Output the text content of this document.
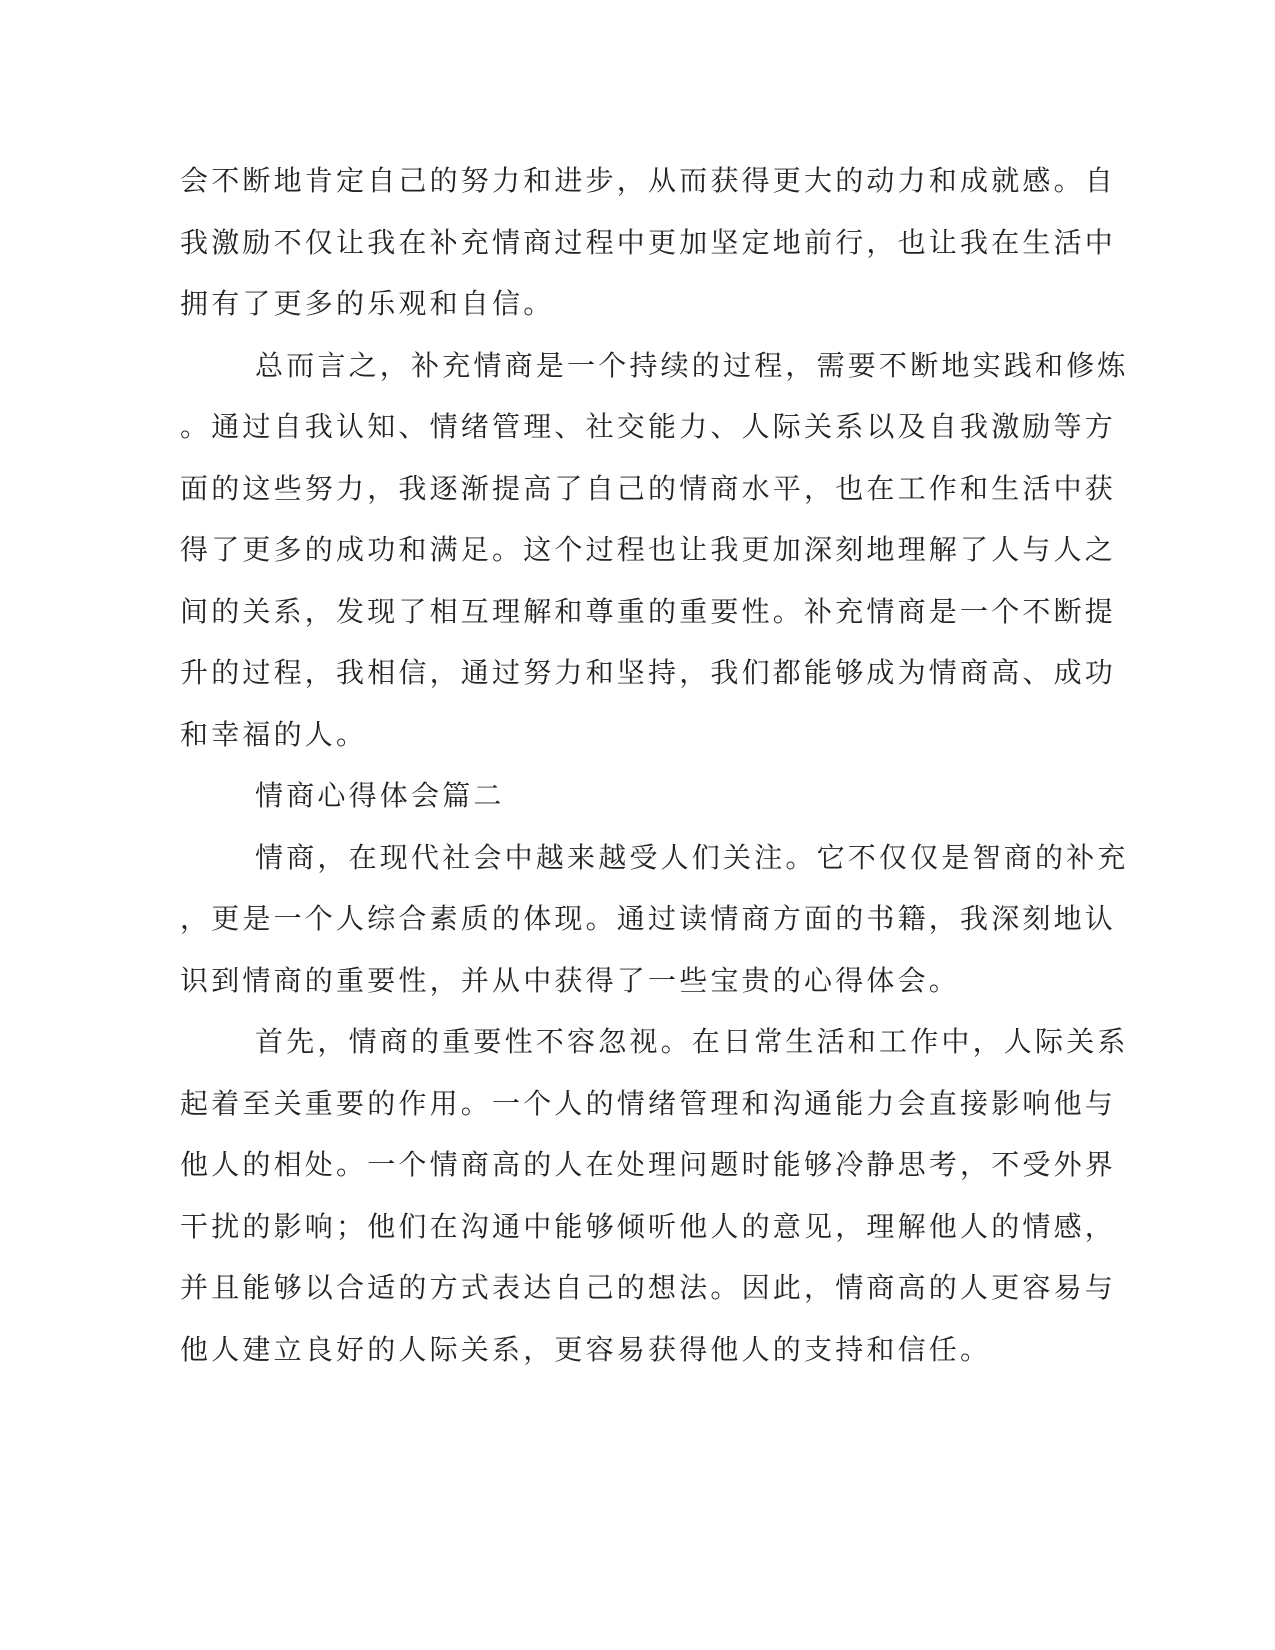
会不断地肯定自己的努力和进步，从而获得更大的动力和成就感。自
我激励不仅让我在补充情商过程中更加坚定地前行，也让我在生活中
拥有了更多的乐观和自信。
总而言之，补充情商是一个持续的过程，需要不断地实践和修炼
。通过自我认知、情绪管理、社交能力、人际关系以及自我激励等方
面的这些努力，我逐渐提高了自己的情商水平，也在工作和生活中获
得了更多的成功和满足。这个过程也让我更加深刻地理解了人与人之
间的关系，发现了相互理解和尊重的重要性。补充情商是一个不断提
升的过程，我相信，通过努力和坚持，我们都能够成为情商高、成功
和幸福的人。
情商心得体会篇二
情商，在现代社会中越来越受人们关注。它不仅仅是智商的补充
，更是一个人综合素质的体现。通过读情商方面的书籍，我深刻地认
识到情商的重要性，并从中获得了一些宝贵的心得体会。
首先，情商的重要性不容忽视。在日常生活和工作中，人际关系
起着至关重要的作用。一个人的情绪管理和沟通能力会直接影响他与
他人的相处。一个情商高的人在处理问题时能够冷静思考，不受外界
干扰的影响；他们在沟通中能够倾听他人的意见，理解他人的情感，
并且能够以合适的方式表达自己的想法。因此，情商高的人更容易与
他人建立良好的人际关系，更容易获得他人的支持和信任。
